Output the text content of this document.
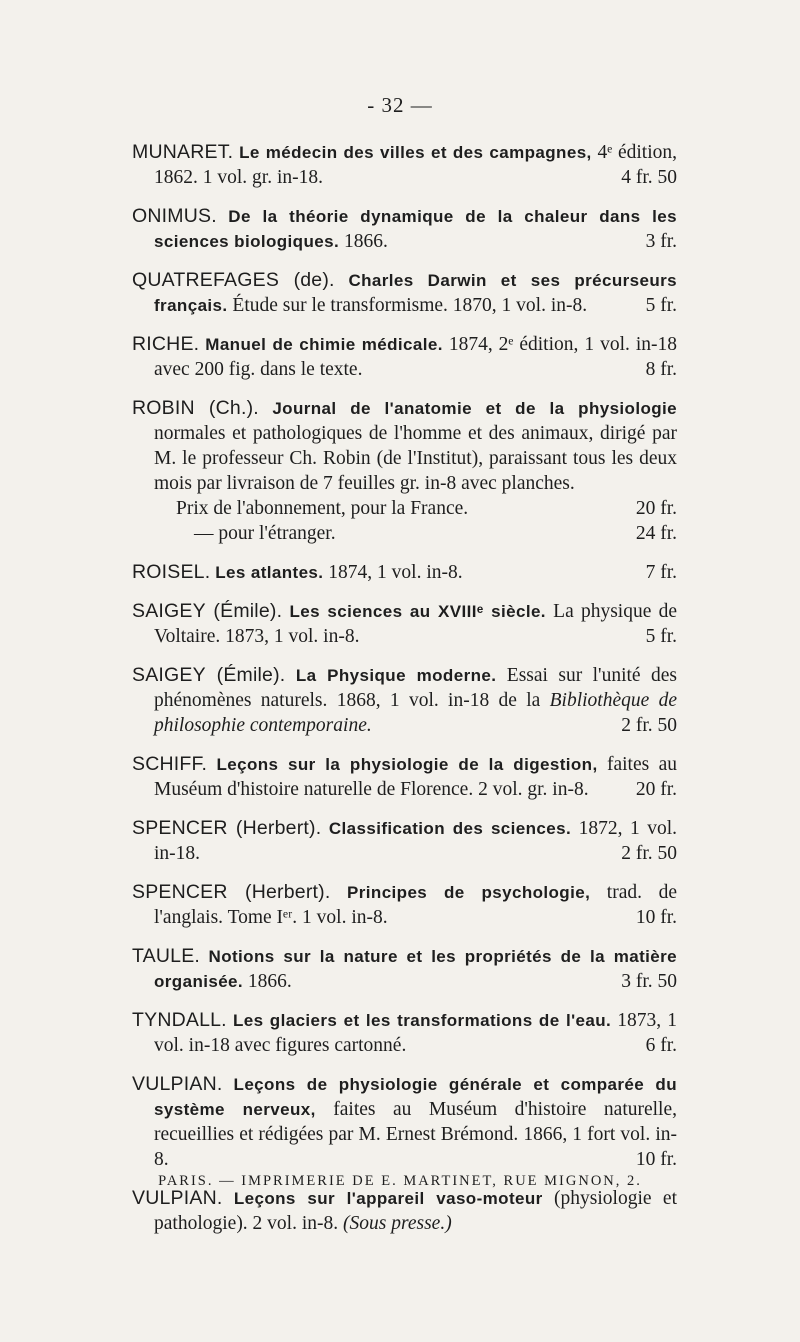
- 32 —

MUNARET. Le médecin des villes et des campagnes, 4ᵉ édition, 1862. 1 vol. gr. in-18.	4 fr. 50

ONIMUS. De la théorie dynamique de la chaleur dans les sciences biologiques. 1866.	3 fr.

QUATREFAGES (de). Charles Darwin et ses précurseurs français. Étude sur le transformisme. 1870, 1 vol. in-8.	5 fr.

RICHE. Manuel de chimie médicale. 1874, 2ᵉ édition, 1 vol. in-18 avec 200 fig. dans le texte.	8 fr.

ROBIN (Ch.). Journal de l'anatomie et de la physiologie normales et pathologiques de l'homme et des animaux, dirigé par M. le professeur Ch. Robin (de l'Institut), paraissant tous les deux mois par livraison de 7 feuilles gr. in-8 avec planches.
Prix de l'abonnement, pour la France.	20 fr.
— pour l'étranger.	24 fr.

ROISEL. Les atlantes. 1874, 1 vol. in-8.	7 fr.

SAIGEY (Émile). Les sciences au XVIIIᵉ siècle. La physique de Voltaire. 1873, 1 vol. in-8.	5 fr.

SAIGEY (Émile). La Physique moderne. Essai sur l'unité des phénomènes naturels. 1868, 1 vol. in-18 de la Bibliothèque de philosophie contemporaine.	2 fr. 50

SCHIFF. Leçons sur la physiologie de la digestion, faites au Muséum d'histoire naturelle de Florence. 2 vol. gr. in-8. 20 fr.

SPENCER (Herbert). Classification des sciences. 1872, 1 vol. in-18.	2 fr. 50

SPENCER (Herbert). Principes de psychologie, trad. de l'anglais. Tome Iᵉʳ. 1 vol. in-8.	10 fr.

TAULE. Notions sur la nature et les propriétés de la matière organisée. 1866.	3 fr. 50

TYNDALL. Les glaciers et les transformations de l'eau. 1873, 1 vol. in-18 avec figures cartonné.	6 fr.

VULPIAN. Leçons de physiologie générale et comparée du système nerveux, faites au Muséum d'histoire naturelle, recueillies et rédigées par M. Ernest Brémond. 1866, 1 fort vol. in-8.	10 fr.

VULPIAN. Leçons sur l'appareil vaso-moteur (physiologie et pathologie). 2 vol. in-8. (Sous presse.)

PARIS. — IMPRIMERIE DE E. MARTINET, RUE MIGNON, 2.
